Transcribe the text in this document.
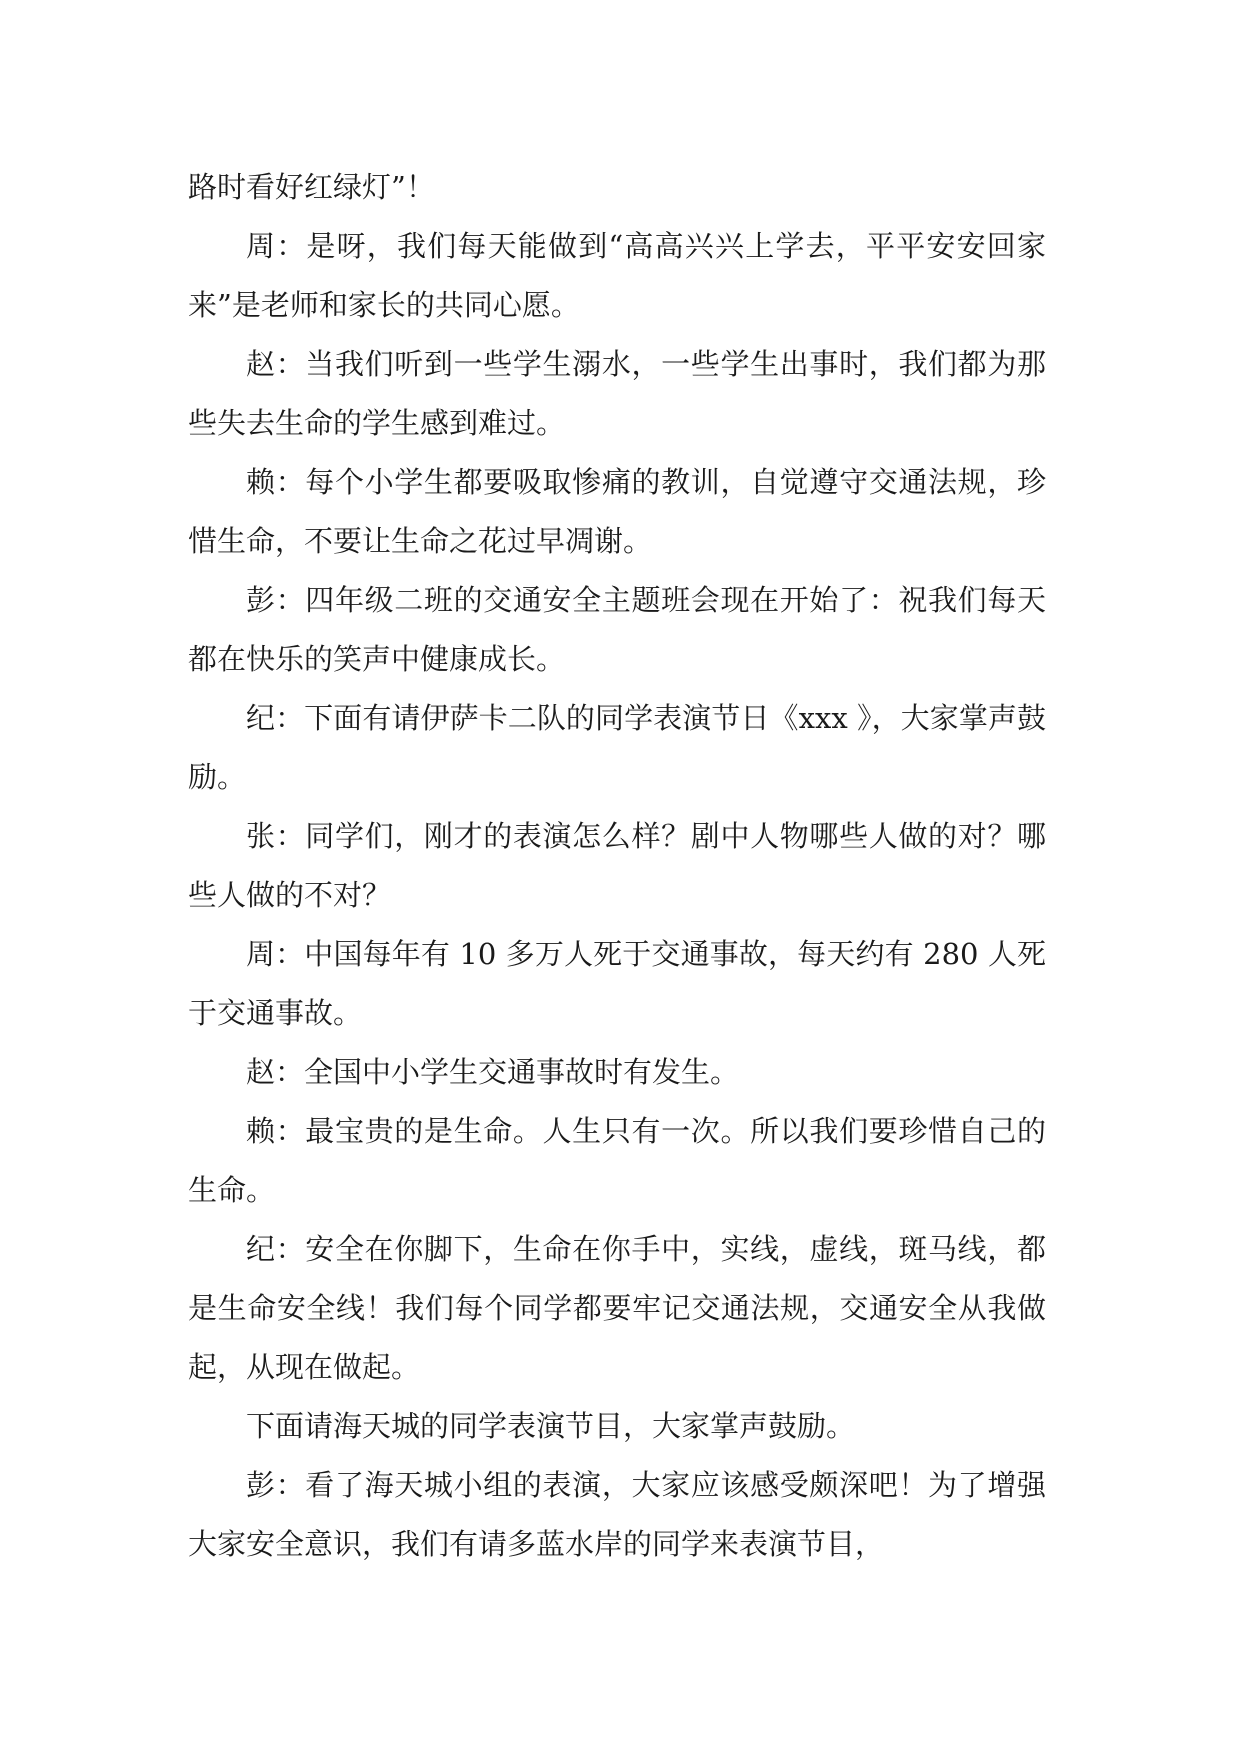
路时看好红绿灯”！

周：是呀，我们每天能做到“高高兴兴上学去，平平安安回家来”是老师和家长的共同心愿。

赵：当我们听到一些学生溺水，一些学生出事时，我们都为那些失去生命的学生感到难过。

赖：每个小学生都要吸取惨痛的教训，自觉遵守交通法规，珍惜生命，不要让生命之花过早凋谢。

彭：四年级二班的交通安全主题班会现在开始了：祝我们每天都在快乐的笑声中健康成长。

纪：下面有请伊萨卡二队的同学表演节日《xxx 》，大家掌声鼓励。

张：同学们，刚才的表演怎么样？剧中人物哪些人做的对？哪些人做的不对？

周：中国每年有 10 多万人死于交通事故，每天约有 280 人死于交通事故。

赵：全国中小学生交通事故时有发生。

赖：最宝贵的是生命。人生只有一次。所以我们要珍惜自己的生命。

纪：安全在你脚下，生命在你手中，实线，虚线，斑马线，都是生命安全线！我们每个同学都要牢记交通法规，交通安全从我做起，从现在做起。

下面请海天城的同学表演节目，大家掌声鼓励。

彭：看了海天城小组的表演，大家应该感受颇深吧！为了增强大家安全意识，我们有请多蓝水岸的同学来表演节目，
